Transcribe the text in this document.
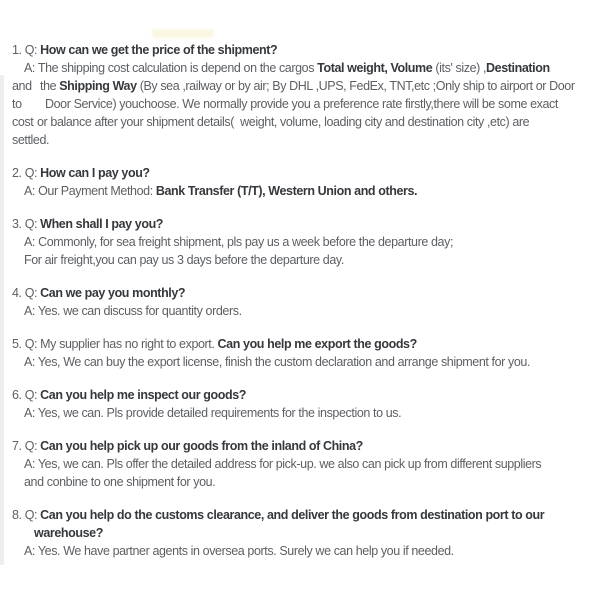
1. Q: How can we get the price of the shipment?
A: The shipping cost calculation is depend on the cargos Total weight, Volume (its' size) ,Destination
and the Shipping Way (By sea ,railway or by air; By DHL ,UPS, FedEx, TNT,etc ;Only ship to airport or Door
to Door Service) youchoose. We normally provide you a preference rate firstly,there will be some exact
cost or balance after your shipment details(  weight, volume, loading city and destination city ,etc) are
settled.
2. Q: How can I pay you?
A: Our Payment Method: Bank Transfer (T/T), Western Union and others.
3. Q: When shall I pay you?
A: Commonly, for sea freight shipment, pls pay us a week before the departure day;
For air freight,you can pay us 3 days before the departure day.
4. Q: Can we pay you monthly?
A: Yes. we can discuss for quantity orders.
5. Q: My supplier has no right to export. Can you help me export the goods?
A: Yes, We can buy the export license, finish the custom declaration and arrange shipment for you.
6. Q: Can you help me inspect our goods?
A: Yes, we can. Pls provide detailed requirements for the inspection to us.
7. Q: Can you help pick up our goods from the inland of China?
A: Yes, we can. Pls offer the detailed address for pick-up. we also can pick up from different suppliers
and conbine to one shipment for you.
8. Q: Can you help do the customs clearance, and deliver the goods from destination port to our
warehouse?
A: Yes. We have partner agents in oversea ports. Surely we can help you if needed.
